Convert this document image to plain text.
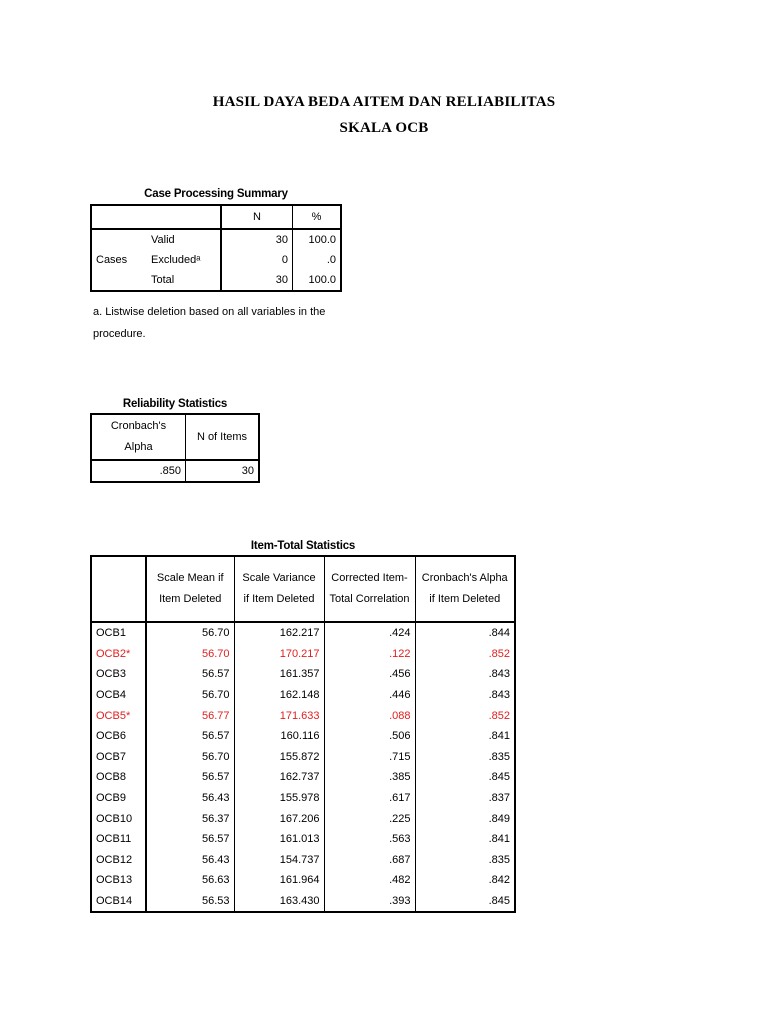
HASIL DAYA BEDA AITEM DAN RELIABILITAS
SKALA OCB
Case Processing Summary
		N	%
Cases	Valid	30	100.0
	Excludedᵃ	0	.0
	Total	30	100.0
a. Listwise deletion based on all variables in the
procedure.
Reliability Statistics
Cronbach's Alpha	N of Items
.850	30
Item-Total Statistics
	Scale Mean if Item Deleted	Scale Variance if Item Deleted	Corrected Item-Total Correlation	Cronbach's Alpha if Item Deleted
OCB1	56.70	162.217	.424	.844
OCB2*	56.70	170.217	.122	.852
OCB3	56.57	161.357	.456	.843
OCB4	56.70	162.148	.446	.843
OCB5*	56.77	171.633	.088	.852
OCB6	56.57	160.116	.506	.841
OCB7	56.70	155.872	.715	.835
OCB8	56.57	162.737	.385	.845
OCB9	56.43	155.978	.617	.837
OCB10	56.37	167.206	.225	.849
OCB11	56.57	161.013	.563	.841
OCB12	56.43	154.737	.687	.835
OCB13	56.63	161.964	.482	.842
OCB14	56.53	163.430	.393	.845
